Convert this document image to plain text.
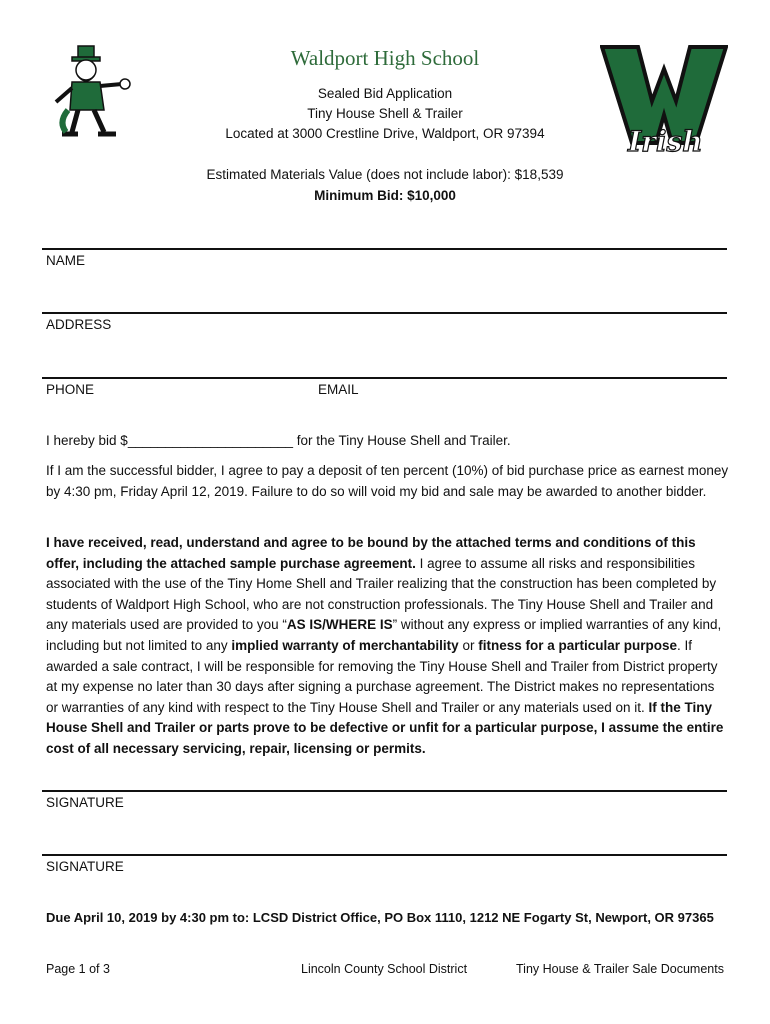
Irish
Waldport High School
Sealed Bid Application
Tiny House Shell & Trailer
Located at 3000 Crestline Drive, Waldport, OR 97394
Estimated Materials Value (does not include labor): $18,539
Minimum Bid: $10,000
NAME
ADDRESS
PHONE	EMAIL
I hereby bid $______________________ for the Tiny House Shell and Trailer.

If I am the successful bidder, I agree to pay a deposit of ten percent (10%) of bid purchase price as earnest money by 4:30 pm, Friday April 12, 2019. Failure to do so will void my bid and sale may be awarded to another bidder.

I have received, read, understand and agree to be bound by the attached terms and conditions of this offer, including the attached sample purchase agreement. I agree to assume all risks and responsibilities associated with the use of the Tiny Home Shell and Trailer realizing that the construction has been completed by students of Waldport High School, who are not construction professionals. The Tiny House Shell and Trailer and any materials used are provided to you “AS IS/WHERE IS” without any express or implied warranties of any kind, including but not limited to any implied warranty of merchantability or fitness for a particular purpose. If awarded a sale contract, I will be responsible for removing the Tiny House Shell and Trailer from District property at my expense no later than 30 days after signing a purchase agreement. The District makes no representations or warranties of any kind with respect to the Tiny House Shell and Trailer or any materials used on it. If the Tiny House Shell and Trailer or parts prove to be defective or unfit for a particular purpose, I assume the entire cost of all necessary servicing, repair, licensing or permits.

SIGNATURE
SIGNATURE
Due April 10, 2019 by 4:30 pm to: LCSD District Office, PO Box 1110, 1212 NE Fogarty St, Newport, OR 97365
Page 1 of 3	Lincoln County School District	Tiny House & Trailer Sale Documents
